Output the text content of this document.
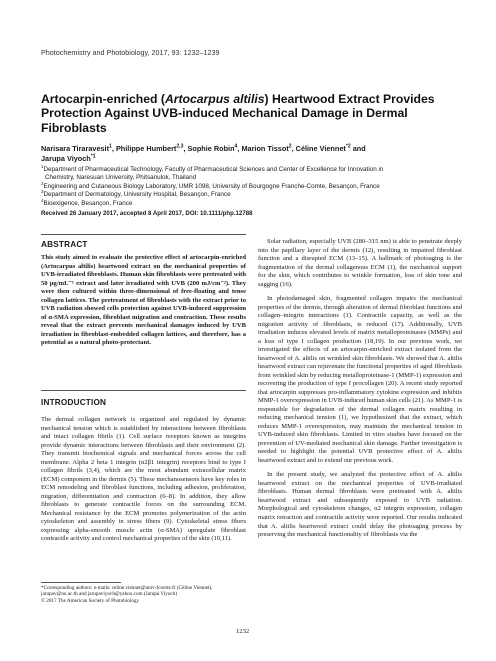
Photochemistry and Photobiology, 2017, 93: 1232–1239
Artocarpin-enriched (Artocarpus altilis) Heartwood Extract Provides Protection Against UVB-induced Mechanical Damage in Dermal Fibroblasts
Narisara Tiraravesit$^1$, Philippe Humbert$^{2,3}$, Sophie Robin$^4$, Marion Tissot$^2$, Céline Viennet$^{*2}$ and
Jarupa Viyoch$^{*1}$
$^1$Department of Pharmaceutical Technology, Faculty of Pharmaceutical Sciences and Center of Excellence for Innovation in
Chemistry, Naresuan University, Phitsanulok, Thailand
$^2$Engineering and Cutaneous Biology Laboratory, UMR 1098, University of Bourgogne Franche-Comte, Besançon, France
$^3$Department of Dermatology, University Hospital, Besançon, France
$^4$Bioexigence, Besançon, France
Received 26 January 2017, accepted 8 April 2017, DOI: 10.1111/php.12788
ABSTRACT

This study aimed to evaluate the protective effect of artocarpin-enriched (Artocarpus altilis) heartwood extract on the mechanical properties of UVB-irradiated fibroblasts. Human skin fibroblasts were pretreated with 50 µg/mL⁻¹ extract and later irradiated with UVB (200 mJ/cm⁻²). They were then cultured within three-dimensional of free-floating and tense collagen lattices. The pretreatment of fibroblasts with the extract prior to UVB radiation showed cells protection against UVB-induced suppression of α-SMA expression, fibroblast migration and contraction. These results reveal that the extract prevents mechanical damages induced by UVB irradiation in fibroblast-embedded collagen lattices, and therefore, has a potential as a natural photo-protectant.

INTRODUCTION

The dermal collagen network is organized and regulated by dynamic mechanical tension which is established by interactions between fibroblasts and intact collagen fibrils (1). Cell surface receptors known as integrins provide dynamic interactions between fibroblasts and their environment (2). They transmit biochemical signals and mechanical forces across the cell membrane. Alpha 2 beta 1 integrin (α2β1 integrin) receptors bind to type I collagen fibrils (3,4), which are the most abundant extracellular matrix (ECM) component in the dermis (5). These mechanosensors have key roles in ECM remodeling and fibroblast functions, including adhesion, proliferation, migration, differentiation and contraction (6–8). In addition, they allow fibroblasts to generate contractile forces on the surrounding ECM. Mechanical resistance by the ECM promotes polymerization of the actin cytoskeleton and assembly in stress fibers (9). Cytoskeletal stress fibers expressing alpha-smooth muscle actin (α-SMA) upregulate fibroblast contractile activity and control mechanical properties of the skin (10,11).

*Corresponding authors: e-mails: celine.viennet@univ-fcomte.fr (Céline Viennet), jarupav@nu.ac.th and jarupaviyoch@yahoo.com (Jarupa Viyoch)
© 2017 The American Society of Photobiology

Solar radiation, especially UVB (280–315 nm) is able to penetrate deeply into the papillary layer of the dermis (12), resulting in impaired fibroblast function and a disrupted ECM (13–15). A hallmark of photoaging is the fragmentation of the dermal collagenous ECM (1), the mechanical support for the skin, which contributes to wrinkle formation, loss of skin tone and sagging (16).

In photodamaged skin, fragmented collagen impairs the mechanical properties of the dermis, through alteration of dermal fibroblast functions and collagen–integrin interactions (1). Contractile capacity, as well as the migration activity of fibroblasts, is reduced (17). Additionally, UVB irradiation induces elevated levels of matrix metalloproteinases (MMPs) and a loss of type I collagen production (18,19). In our previous work, we investigated the effects of an artocarpin-enriched extract isolated from the heartwood of A. altilis on wrinkled skin fibroblasts. We showed that A. altilis heartwood extract can rejuvenate the functional properties of aged fibroblasts from wrinkled skin by reducing metalloproteinase-1 (MMP-1) expression and recovering the production of type I procollagen (20). A recent study reported that artocarpin suppresses pro-inflammatory cytokine expression and inhibits MMP-1 overexpression in UVB-induced human skin cells (21). As MMP-1 is responsible for degradation of the dermal collagen matrix resulting in reducing mechanical tension (1), we hypothesized that the extract, which reduces MMP-1 overexpression, may maintain the mechanical tension in UVB-induced skin fibroblasts. Limited in vitro studies have focused on the prevention of UV-mediated mechanical skin damage. Further investigation is needed to highlight the potential UVB protective effect of A. altilis heartwood extract and to extend our previous work.

In the present study, we analyzed the protective effect of A. altilis heartwood extract on the mechanical properties of UVB-irradiated fibroblasts. Human dermal fibroblasts were pretreated with A. altilis heartwood extract and subsequently exposed to UVB radiation. Morphological and cytoskeleton changes, α2 integrin expression, collagen matrix retraction and contractile activity were reported. Our results indicated that A. altilis heartwood extract could delay the photoaging process by preserving the mechanical functionality of fibroblasts via the

1232
